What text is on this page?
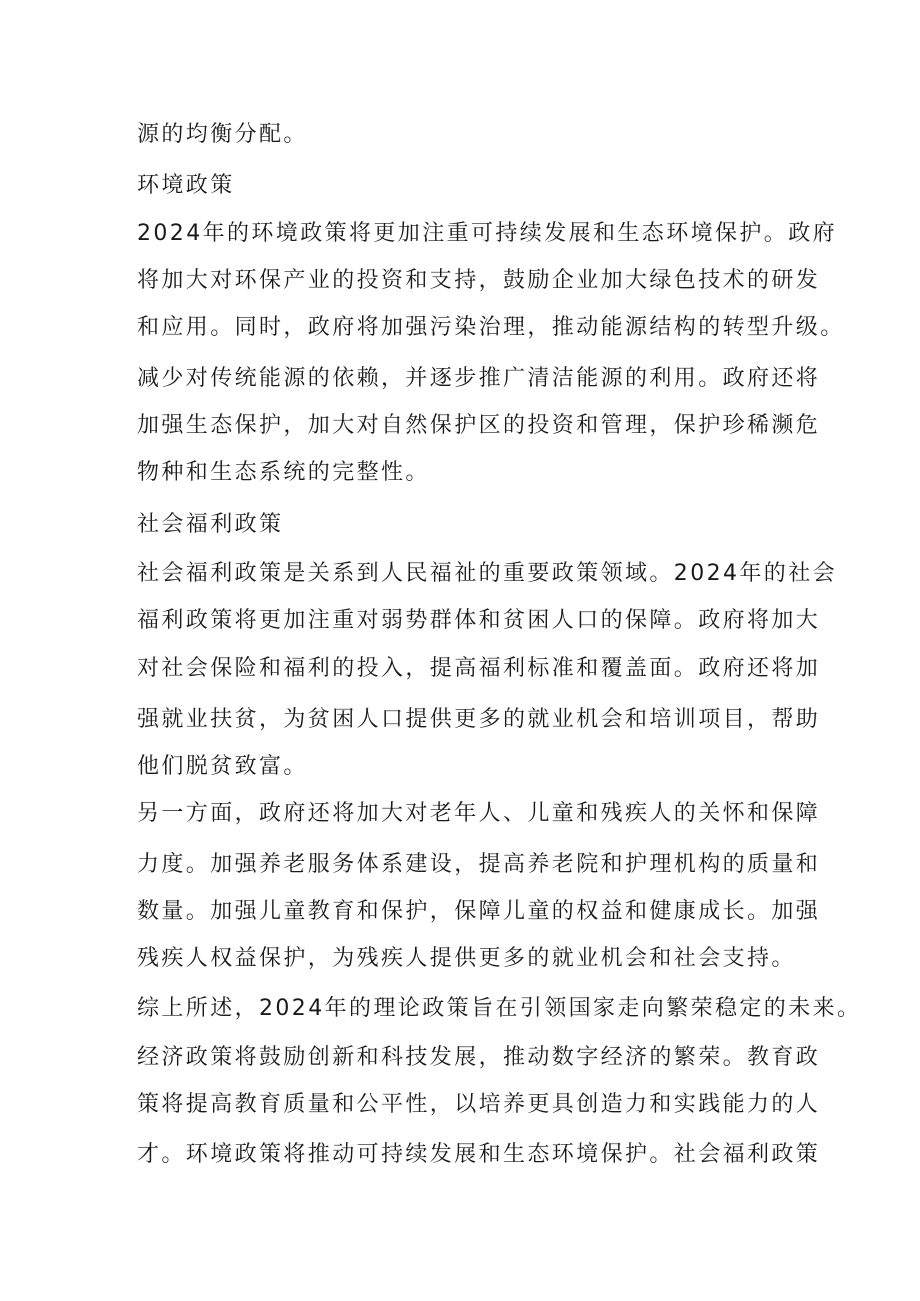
源的均衡分配。
环境政策
2024年的环境政策将更加注重可持续发展和生态环境保护。政府
将加大对环保产业的投资和支持，鼓励企业加大绿色技术的研发
和应用。同时，政府将加强污染治理，推动能源结构的转型升级。
减少对传统能源的依赖，并逐步推广清洁能源的利用。政府还将
加强生态保护，加大对自然保护区的投资和管理，保护珍稀濒危
物种和生态系统的完整性。
社会福利政策
社会福利政策是关系到人民福祉的重要政策领域。2024年的社会
福利政策将更加注重对弱势群体和贫困人口的保障。政府将加大
对社会保险和福利的投入，提高福利标准和覆盖面。政府还将加
强就业扶贫，为贫困人口提供更多的就业机会和培训项目，帮助
他们脱贫致富。
另一方面，政府还将加大对老年人、儿童和残疾人的关怀和保障
力度。加强养老服务体系建设，提高养老院和护理机构的质量和
数量。加强儿童教育和保护，保障儿童的权益和健康成长。加强
残疾人权益保护，为残疾人提供更多的就业机会和社会支持。
综上所述，2024年的理论政策旨在引领国家走向繁荣稳定的未来。
经济政策将鼓励创新和科技发展，推动数字经济的繁荣。教育政
策将提高教育质量和公平性，以培养更具创造力和实践能力的人
才。环境政策将推动可持续发展和生态环境保护。社会福利政策
